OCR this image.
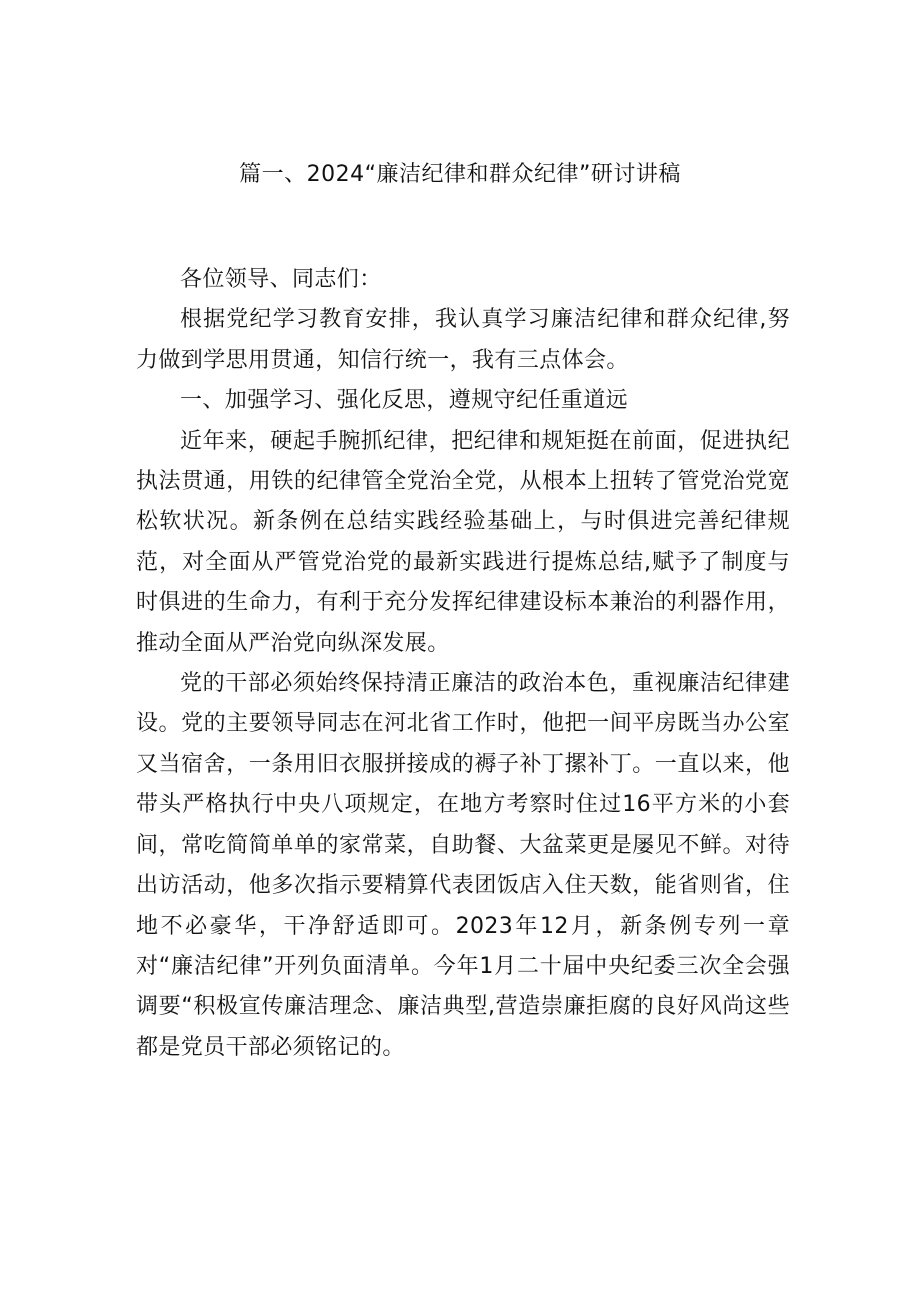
篇一、2024“廉洁纪律和群众纪律”研讨讲稿

各位领导、同志们：

根据党纪学习教育安排，我认真学习廉洁纪律和群众纪律,努力做到学思用贯通，知信行统一，我有三点体会。

一、加强学习、强化反思，遵规守纪任重道远

近年来，硬起手腕抓纪律，把纪律和规矩挺在前面，促进执纪执法贯通，用铁的纪律管全党治全党，从根本上扭转了管党治党宽松软状况。新条例在总结实践经验基础上，与时俱进完善纪律规范，对全面从严管党治党的最新实践进行提炼总结,赋予了制度与时俱进的生命力，有利于充分发挥纪律建设标本兼治的利器作用，推动全面从严治党向纵深发展。

党的干部必须始终保持清正廉洁的政治本色，重视廉洁纪律建设。党的主要领导同志在河北省工作时，他把一间平房既当办公室又当宿舍，一条用旧衣服拼接成的褥子补丁摞补丁。一直以来，他带头严格执行中央八项规定，在地方考察时住过16平方米的小套间，常吃简简单单的家常菜，自助餐、大盆菜更是屡见不鲜。对待出访活动，他多次指示要精算代表团饭店入住天数，能省则省，住地不必豪华，干净舒适即可。2023年12月，新条例专列一章对“廉洁纪律”开列负面清单。今年1月二十届中央纪委三次全会强调要“积极宣传廉洁理念、廉洁典型,营造崇廉拒腐的良好风尚这些都是党员干部必须铭记的。
